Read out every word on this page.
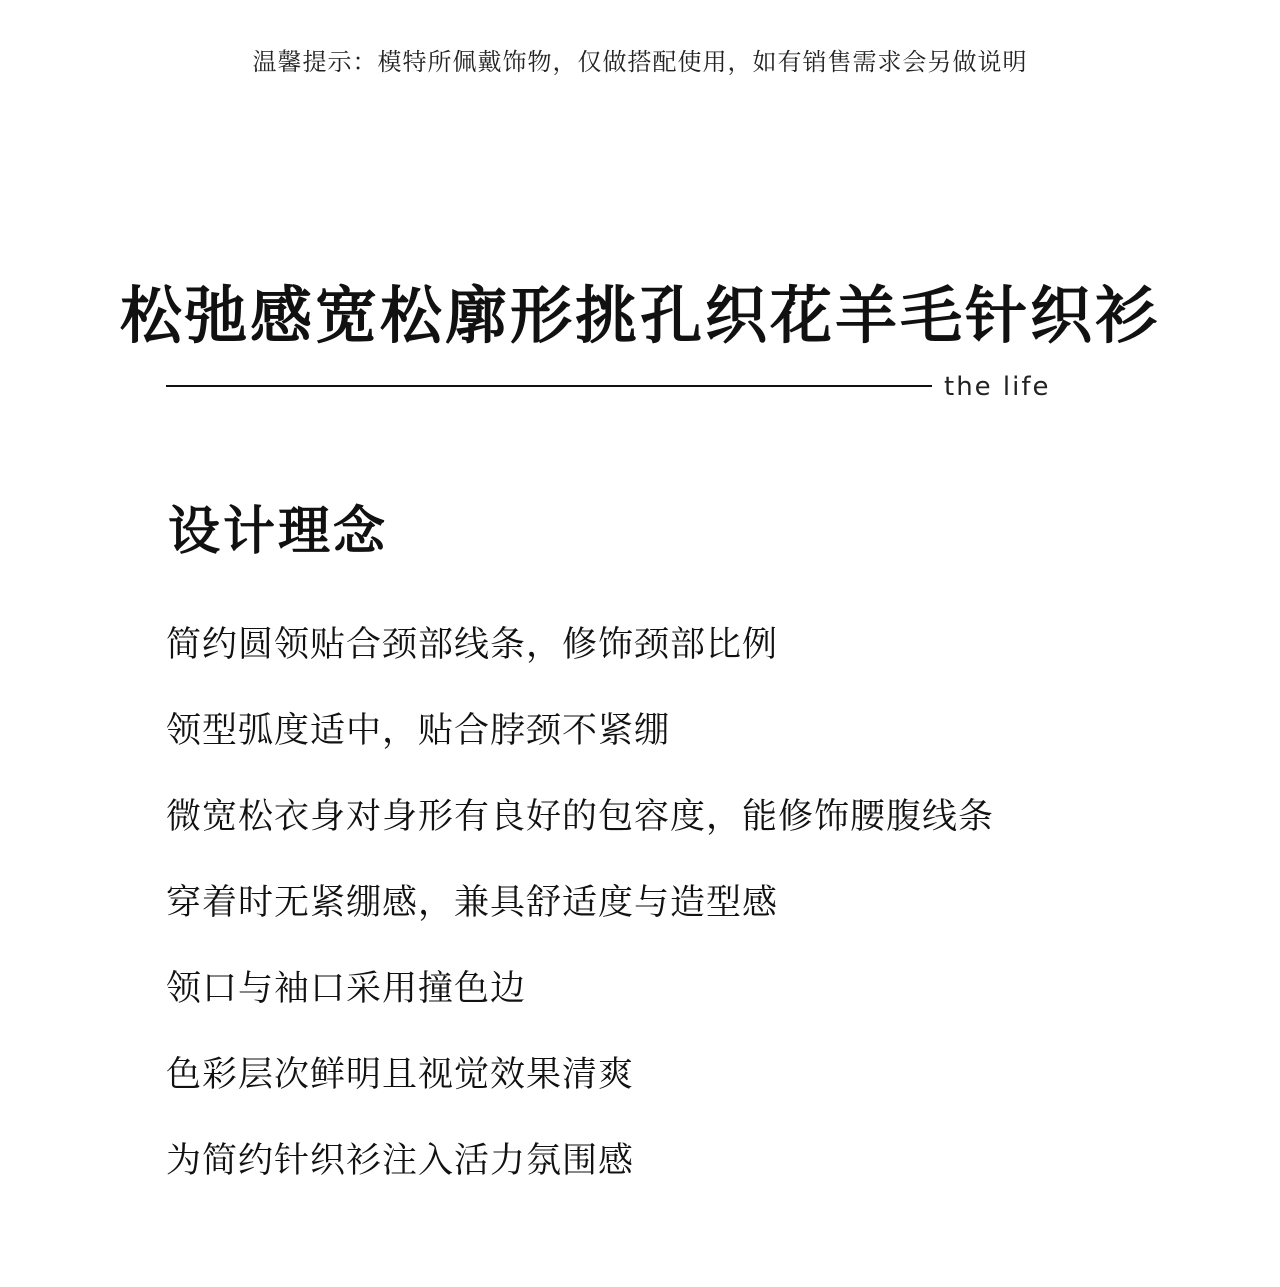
温馨提示：模特所佩戴饰物，仅做搭配使用，如有销售需求会另做说明
松弛感宽松廓形挑孔织花羊毛针织衫
the life
设计理念
简约圆领贴合颈部线条，修饰颈部比例
领型弧度适中，贴合脖颈不紧绷
微宽松衣身对身形有良好的包容度，能修饰腰腹线条
穿着时无紧绷感，兼具舒适度与造型感
领口与袖口采用撞色边
色彩层次鲜明且视觉效果清爽
为简约针织衫注入活力氛围感
